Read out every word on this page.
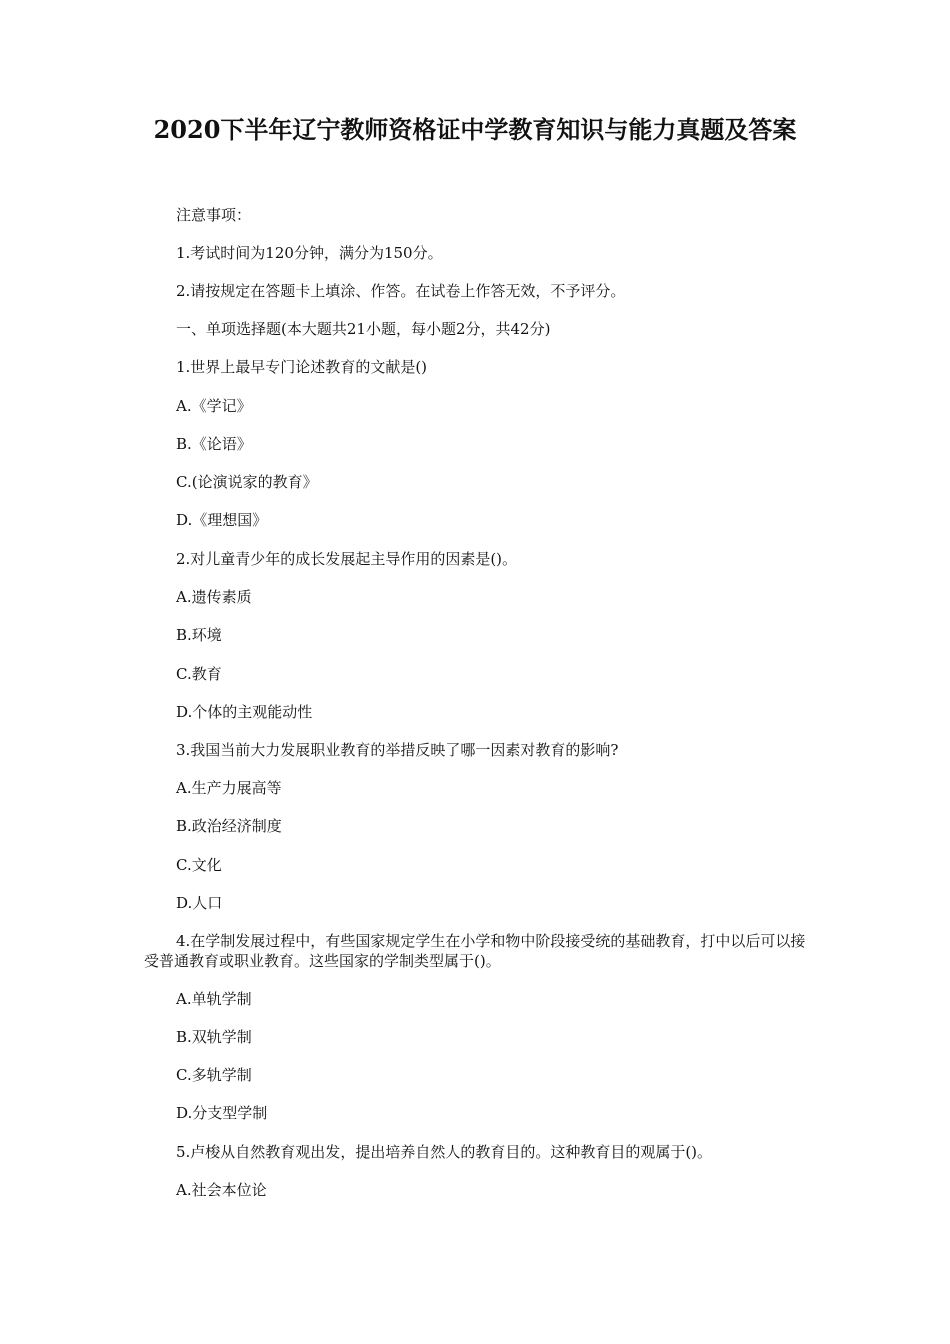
2020下半年辽宁教师资格证中学教育知识与能力真题及答案

注意事项：

1.考试时间为120分钟，满分为150分。

2.请按规定在答题卡上填涂、作答。在试卷上作答无效，不予评分。

一、单项选择题(本大题共21小题，每小题2分，共42分)

1.世界上最早专门论述教育的文献是()

A.《学记》

B.《论语》

C.(论演说家的教育》

D.《理想国》

2.对儿童青少年的成长发展起主导作用的因素是()。

A.遗传素质

B.环境

C.教育

D.个体的主观能动性

3.我国当前大力发展职业教育的举措反映了哪一因素对教育的影响?

A.生产力展高等

B.政治经济制度

C.文化

D.人口

4.在学制发展过程中，有些国家规定学生在小学和物中阶段接受统的基础教育，打中以后可以接受普通教育或职业教育。这些国家的学制类型属于()。

A.单轨学制

B.双轨学制

C.多轨学制

D.分支型学制

5.卢梭从自然教育观出发，提出培养自然人的教育目的。这种教育目的观属于()。

A.社会本位论
